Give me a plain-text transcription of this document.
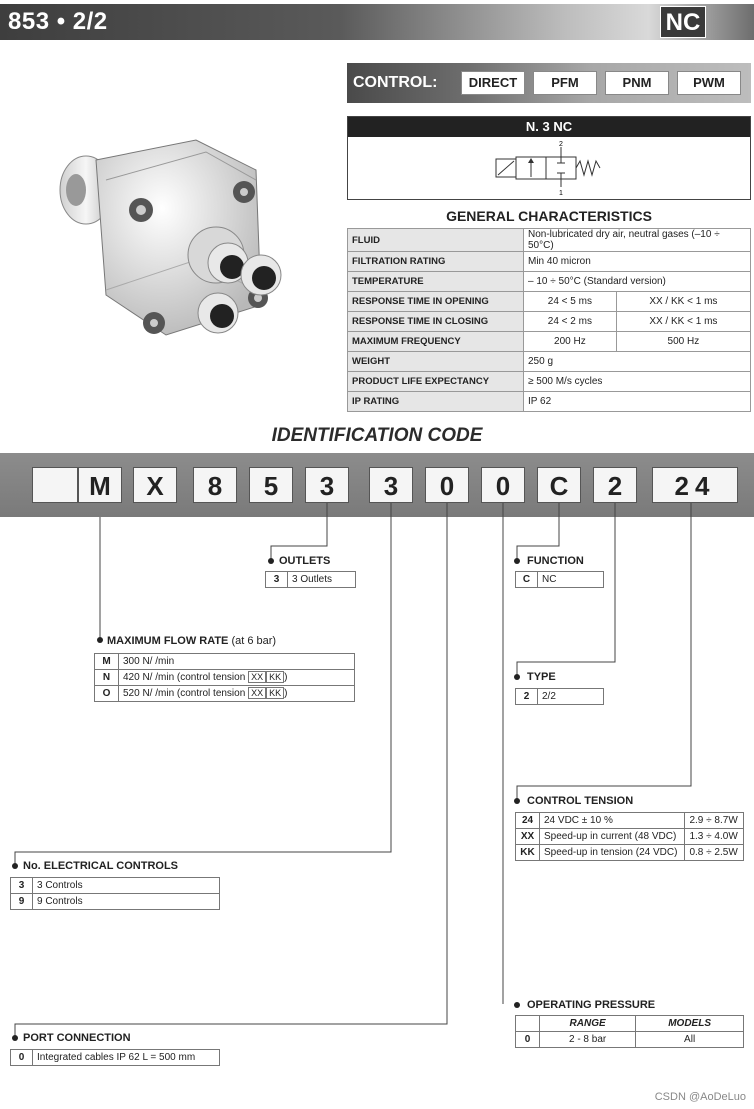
853 • 2/2	NC
CONTROL:	DIRECT	PFM	PNM	PWM
N. 3 NC
2
1
GENERAL CHARACTERISTICS
FLUID	Non-lubricated dry air, neutral gases (–10 ÷ 50°C)	
FILTRATION RATING	Min 40 micron	
TEMPERATURE	– 10 ÷ 50°C (Standard version)	
RESPONSE TIME IN OPENING	24 < 5 ms	XX / KK < 1 ms
RESPONSE TIME IN CLOSING	24 < 2 ms	XX / KK < 1 ms
MAXIMUM FREQUENCY	200 Hz	500 Hz
WEIGHT	250 g	
PRODUCT LIFE EXPECTANCY	≥ 500 M/s cycles	
IP RATING	IP 62	
IDENTIFICATION CODE
M	X	8	5	3	3	0	0	C	2	24
OUTLETS
3	3 Outlets
MAXIMUM FLOW RATE (at 6 bar)
M	300 N/ /min
N	420 N/ /min (control tension XX KK )
O	520 N/ /min (control tension XX KK )
No. ELECTRICAL CONTROLS
3	3 Controls
9	9 Controls
PORT CONNECTION
0	Integrated cables IP 62 L = 500 mm
FUNCTION
C	NC
TYPE
2	2/2
CONTROL TENSION
24	24 VDC ± 10 %	2.9 ÷ 8.7W
XX	Speed-up in current (48 VDC)	1.3 ÷ 4.0W
KK	Speed-up in tension (24 VDC)	0.8 ÷ 2.5W
OPERATING PRESSURE
	RANGE	MODELS
0	2 - 8 bar	All
CSDN @AoDeLuo
